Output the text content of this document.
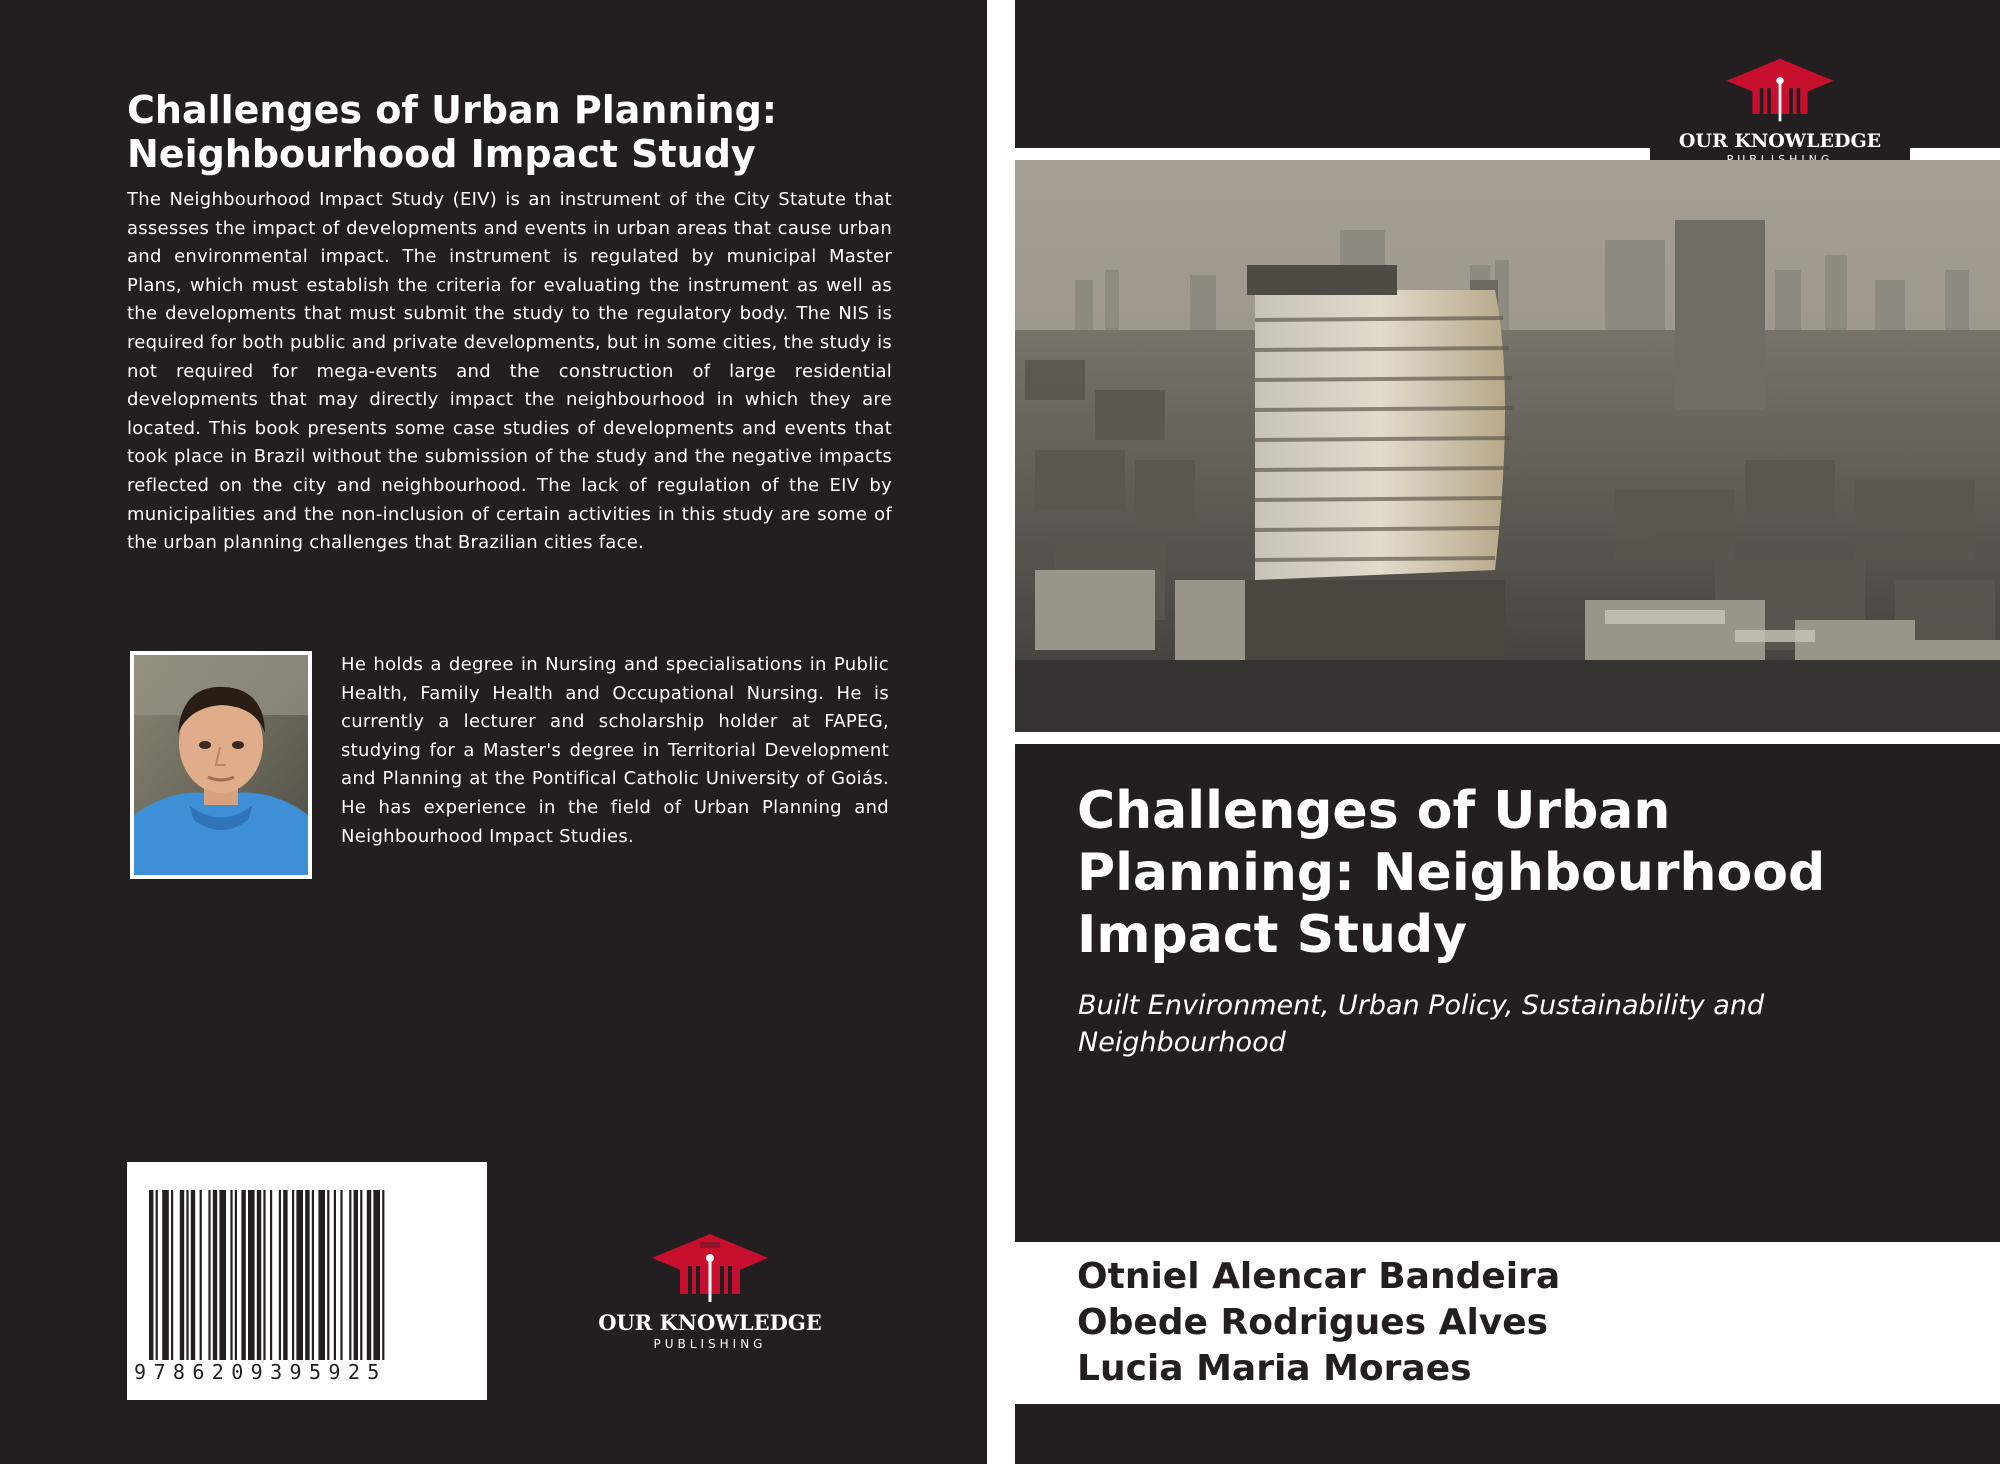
Challenges of Urban Planning:
Neighbourhood Impact Study

The Neighbourhood Impact Study (EIV) is an instrument of the City Statute that assesses the impact of developments and events in urban areas that cause urban and environmental impact. The instrument is regulated by municipal Master Plans, which must establish the criteria for evaluating the instrument as well as the developments that must submit the study to the regulatory body. The NIS is required for both public and private developments, but in some cities, the study is not required for mega-events and the construction of large residential developments that may directly impact the neighbourhood in which they are located. This book presents some case studies of developments and events that took place in Brazil without the submission of the study and the negative impacts reflected on the city and neighbourhood. The lack of regulation of the EIV by municipalities and the non-inclusion of certain activities in this study are some of the urban planning challenges that Brazilian cities face.

He holds a degree in Nursing and specialisations in Public Health, Family Health and Occupational Nursing. He is currently a lecturer and scholarship holder at FAPEG, studying for a Master's degree in Territorial Development and Planning at the Pontifical Catholic University of Goiás. He has experience in the field of Urban Planning and Neighbourhood Impact Studies.

OUR KNOWLEDGE
PUBLISHING
9786209395925
OUR KNOWLEDGE
Challenges of Urban
Planning: Neighbourhood
Impact Study

Built Environment, Urban Policy, Sustainability and Neighbourhood

Otniel Alencar Bandeira
Obede Rodrigues Alves
Lucia Maria Moraes
